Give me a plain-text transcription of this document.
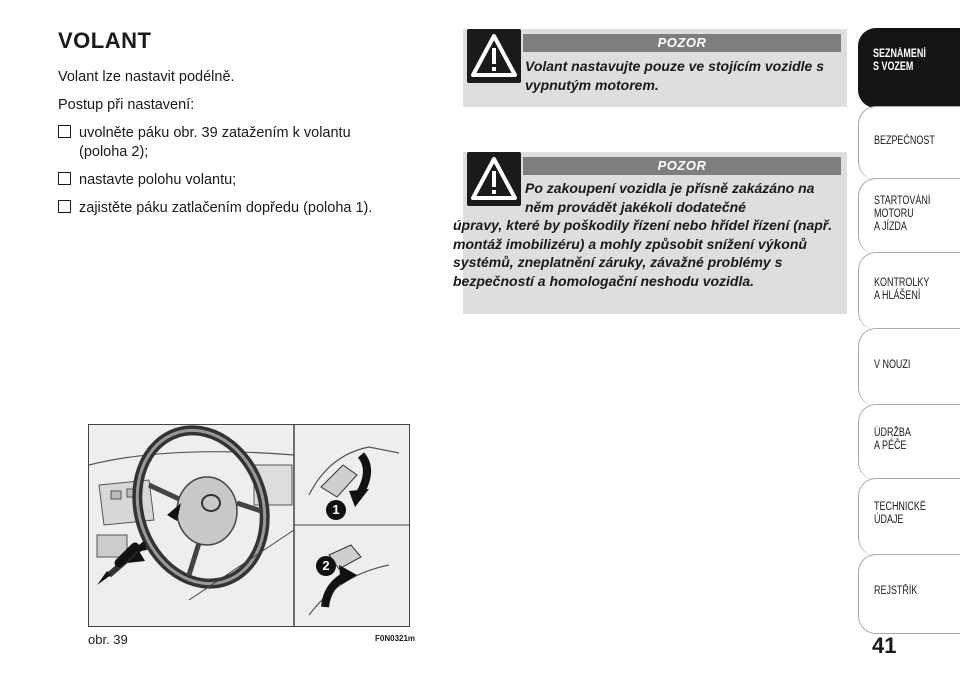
VOLANT
Volant lze nastavit podélně.
Postup při nastavení:
uvolněte páku obr. 39 zatažením k volantu (poloha 2);
nastavte polohu volantu;
zajistěte páku zatlačením dopředu (poloha 1).
POZOR
Volant nastavujte pouze ve stojícím vozidle s vypnutým motorem.
POZOR
Po zakoupení vozidla je přísně zakázáno na něm provádět jakékoli dodatečné
úpravy, které by poškodily řízení nebo hřídel řízení (např. montáž imobilizéru) a mohly způsobit snížení výkonů systémů, zneplatnění záruky, závažné problémy s bezpečností a homologační neshodu vozidla.
1
2
obr. 39	F0N0321m
SEZNÁMENÍ
S VOZEM
BEZPEČNOST
STARTOVÁNÍ
MOTORU
A JÍZDA
KONTROLKY
A HLÁŠENÍ
V NOUZI
ÚDRŽBA
A PÉČE
TECHNICKÉ
ÚDAJE
REJSTŘÍK
41
